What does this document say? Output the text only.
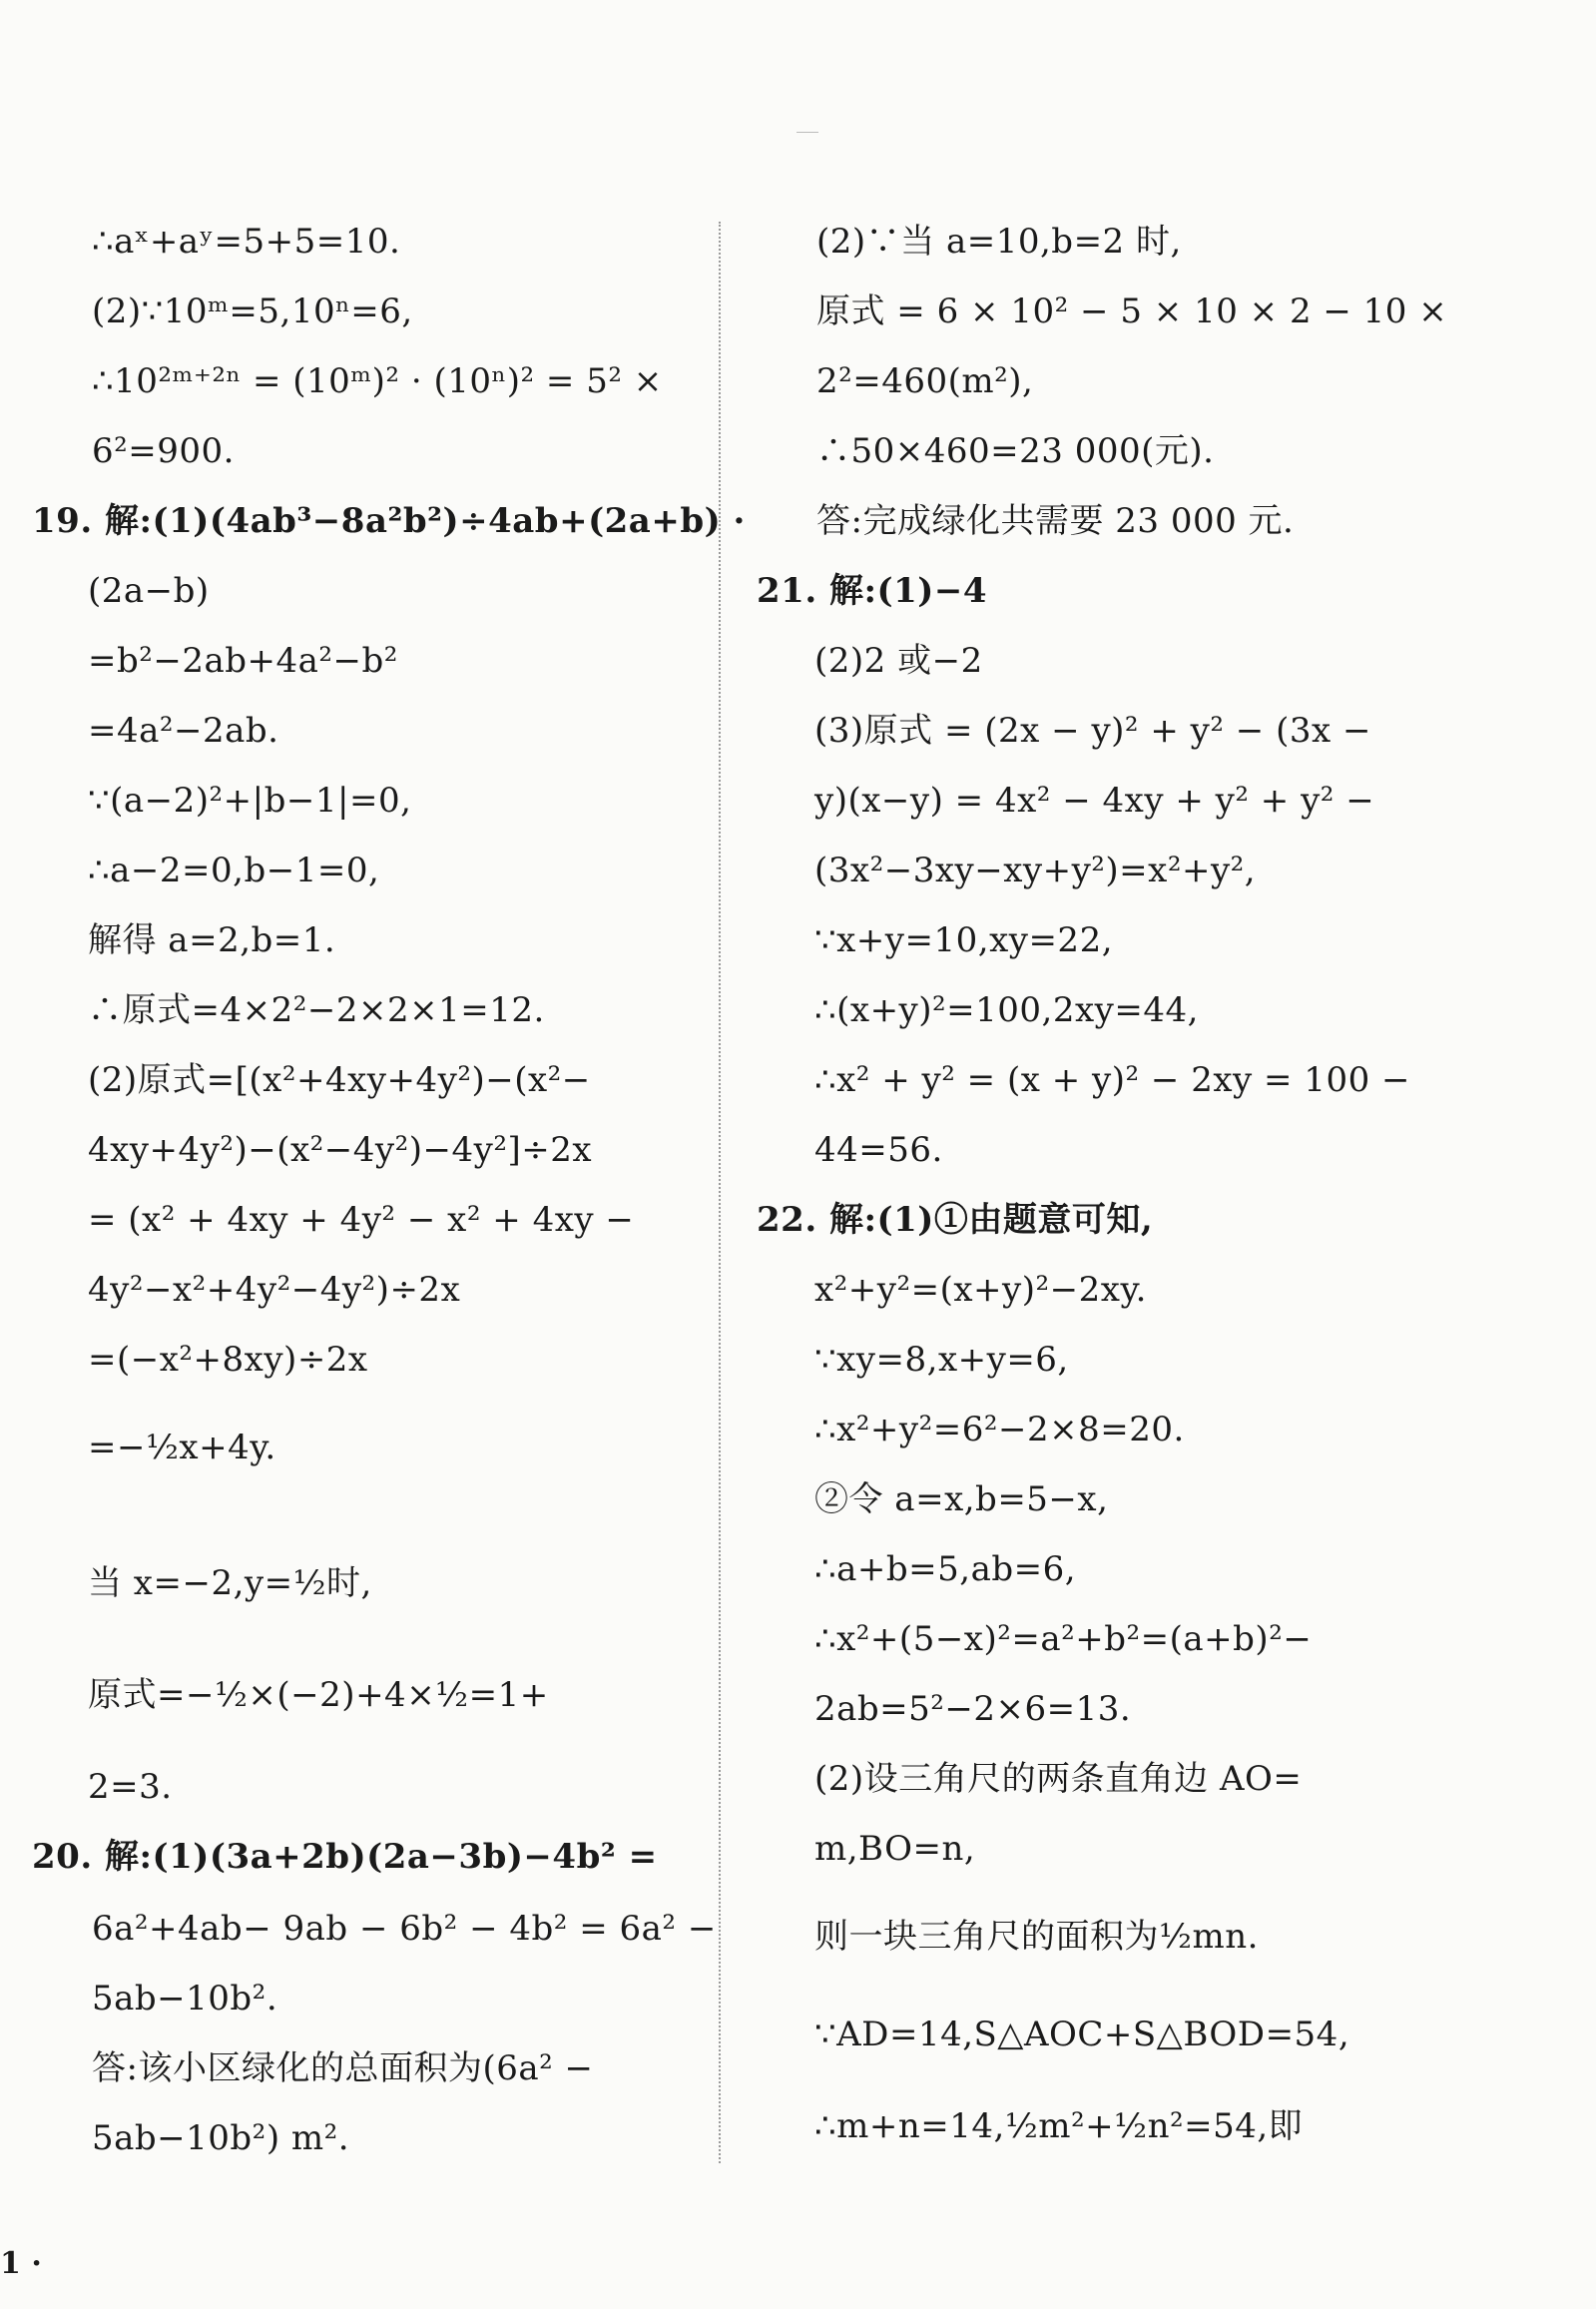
∴aˣ+aʸ=5+5=10.
(2)∵10ᵐ=5,10ⁿ=6,
∴10²ᵐ⁺²ⁿ = (10ᵐ)² · (10ⁿ)² = 5² ×
6²=900.
19. 解:(1)(4ab³−8a²b²)÷4ab+(2a+b) ·
(2a−b)
=b²−2ab+4a²−b²
=4a²−2ab.
∵(a−2)²+|b−1|=0,
∴a−2=0,b−1=0,
解得 a=2,b=1.
∴原式=4×2²−2×2×1=12.
(2)原式=[(x²+4xy+4y²)−(x²−
4xy+4y²)−(x²−4y²)−4y²]÷2x
= (x² + 4xy + 4y² − x² + 4xy −
4y²−x²+4y²−4y²)÷2x
=(−x²+8xy)÷2x
=−½x+4y.
当 x=−2,y=½时,
原式=−½×(−2)+4×½=1+
2=3.
20. 解:(1)(3a+2b)(2a−3b)−4b² =
6a²+4ab− 9ab − 6b² − 4b² = 6a² −
5ab−10b².
答:该小区绿化的总面积为(6a² −
5ab−10b²) m².
(2)∵当 a=10,b=2 时,
原式 = 6 × 10² − 5 × 10 × 2 − 10 ×
2²=460(m²),
∴50×460=23 000(元).
答:完成绿化共需要 23 000 元.
21. 解:(1)−4
(2)2 或−2
(3)原式 = (2x − y)² + y² − (3x −
y)(x−y) = 4x² − 4xy + y² + y² −
(3x²−3xy−xy+y²)=x²+y²,
∵x+y=10,xy=22,
∴(x+y)²=100,2xy=44,
∴x² + y² = (x + y)² − 2xy = 100 −
44=56.
22. 解:(1)①由题意可知,
x²+y²=(x+y)²−2xy.
∵xy=8,x+y=6,
∴x²+y²=6²−2×8=20.
②令 a=x,b=5−x,
∴a+b=5,ab=6,
∴x²+(5−x)²=a²+b²=(a+b)²−
2ab=5²−2×6=13.
(2)设三角尺的两条直角边 AO=
m,BO=n,
则一块三角尺的面积为½mn.
∵AD=14,S△AOC+S△BOD=54,
∴m+n=14,½m²+½n²=54,即
1 ·
